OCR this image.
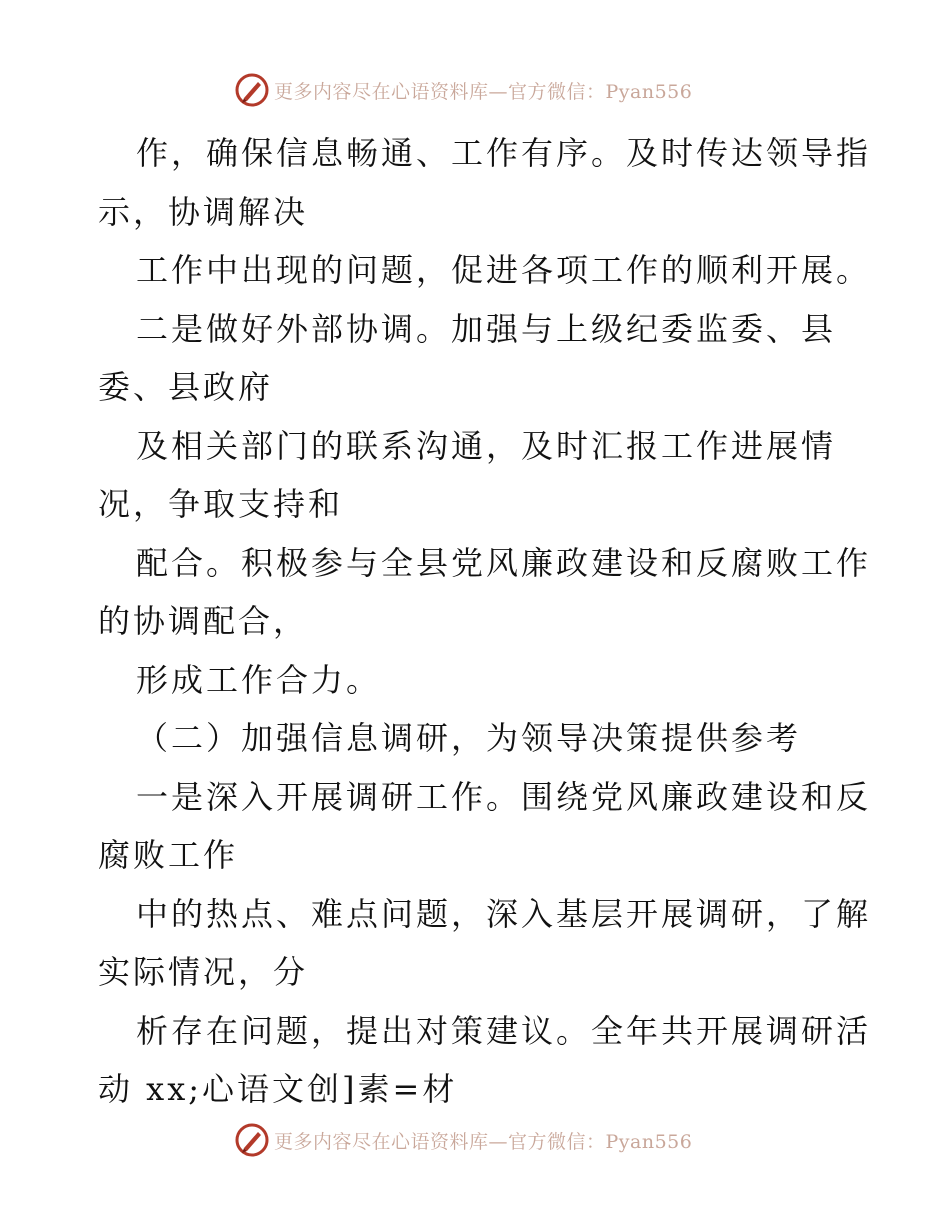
更多内容尽在心语资料库—官方微信：Pyan556
作，确保信息畅通、工作有序。及时传达领导指
示，协调解决
工作中出现的问题，促进各项工作的顺利开展。
二是做好外部协调。加强与上级纪委监委、县
委、县政府
及相关部门的联系沟通，及时汇报工作进展情
况，争取支持和
配合。积极参与全县党风廉政建设和反腐败工作
的协调配合，
形成工作合力。
（二）加强信息调研，为领导决策提供参考
一是深入开展调研工作。围绕党风廉政建设和反
腐败工作
中的热点、难点问题，深入基层开展调研，了解
实际情况，分
析存在问题，提出对策建议。全年共开展调研活
动 xx;心语文创]素=材
更多内容尽在心语资料库—官方微信：Pyan556
